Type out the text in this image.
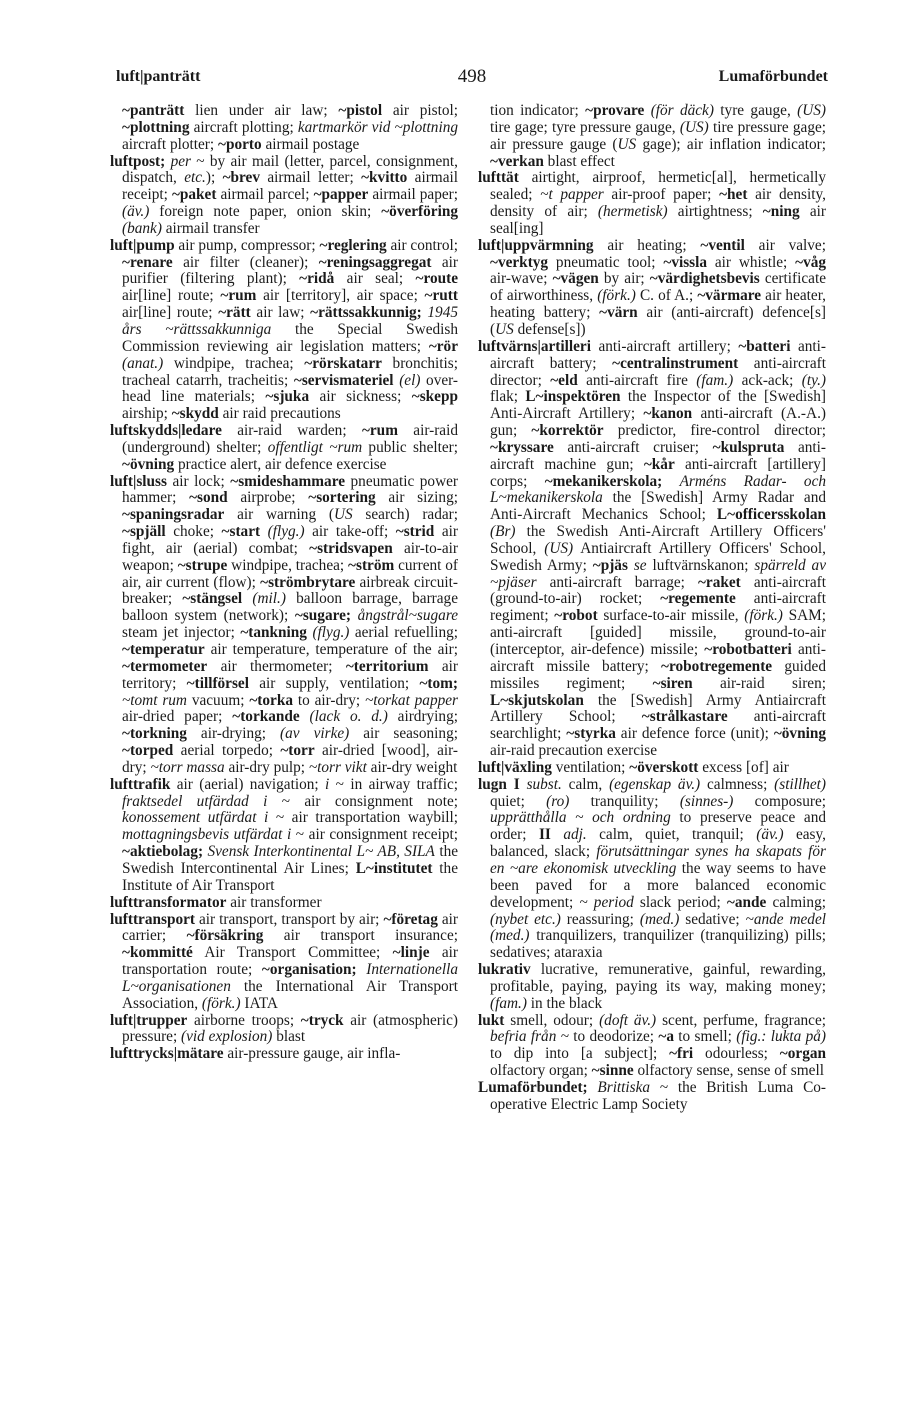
luft|panträtt	498	Lumaförbundet

~panträtt lien under air law; ~pistol air pistol; ~plottning aircraft plotting; kartmarkör vid ~plottning aircraft plotter; ~porto airmail postage

luftpost; per ~ by air mail (letter, parcel, consignment, dispatch, etc.); ~brev airmail letter; ~kvitto airmail receipt; ~paket airmail parcel; ~papper airmail paper; (äv.) foreign note paper, onion skin; ~överföring (bank) airmail transfer

luft|pump air pump, compressor; ~reglering air control; ~renare air filter (cleaner); ~reningsaggregat air purifier (filtering plant); ~ridå air seal; ~route air[line] route; ~rum air [territory], air space; ~rutt air[line] route; ~rätt air law; ~rättssakkunnig; 1945 års ~rättssakkunniga the Special Swedish Commission reviewing air legislation matters; ~rör (anat.) windpipe, trachea; ~rörskatarr bronchitis; tracheal catarrh, tracheitis; ~servismateriel (el) over-head line materials; ~sjuka air sickness; ~skepp airship; ~skydd air raid precautions

luftskydds|ledare air-raid warden; ~rum air-raid (underground) shelter; offentligt ~rum public shelter; ~övning practice alert, air defence exercise

luft|sluss air lock; ~smideshammare pneumatic power hammer; ~sond airprobe; ~sortering air sizing; ~spaningsradar air warning (US search) radar; ~spjäll choke; ~start (flyg.) air take-off; ~strid air fight, air (aerial) combat; ~stridsvapen air-to-air weapon; ~strupe windpipe, trachea; ~ström current of air, air current (flow); ~strömbrytare airbreak circuit-breaker; ~stängsel (mil.) balloon barrage, barrage balloon system (network); ~sugare; ångstrål~sugare steam jet injector; ~tankning (flyg.) aerial refuelling; ~temperatur air temperature, temperature of the air; ~termometer air thermometer; ~territorium air territory; ~tillförsel air supply, ventilation; ~tom; ~tomt rum vacuum; ~torka to air-dry; ~torkat papper air-dried paper; ~torkande (lack o. d.) airdrying; ~torkning air-drying; (av virke) air seasoning; ~torped aerial torpedo; ~torr air-dried [wood], air-dry; ~torr massa air-dry pulp; ~torr vikt air-dry weight

lufttrafik air (aerial) navigation; i ~ in airway traffic; fraktsedel utfärdad i ~ air consignment note; konossement utfärdat i ~ air transportation waybill; mottagningsbevis utfärdat i ~ air consignment receipt; ~aktiebolag; Svensk Interkontinental L~ AB, SILA the Swedish Intercontinental Air Lines; L~institutet the Institute of Air Transport

lufttransformator air transformer

lufttransport air transport, transport by air; ~företag air carrier; ~försäkring air transport insurance; ~kommitté Air Transport Committee; ~linje air transportation route; ~organisation; Internationella L~organisationen the International Air Transport Association, (förk.) IATA

luft|trupper airborne troops; ~tryck air (atmospheric) pressure; (vid explosion) blast

lufttrycks|mätare air-pressure gauge, air infla-

tion indicator; ~provare (för däck) tyre gauge, (US) tire gage; tyre pressure gauge, (US) tire pressure gage; air pressure gauge (US gage); air inflation indicator; ~verkan blast effect

lufttät airtight, airproof, hermetic[al], hermetically sealed; ~t papper air-proof paper; ~het air density, density of air; (hermetisk) airtightness; ~ning air seal[ing]

luft|uppvärmning air heating; ~ventil air valve; ~verktyg pneumatic tool; ~vissla air whistle; ~våg air-wave; ~vägen by air; ~värdighetsbevis certificate of airworthiness, (förk.) C. of A.; ~värmare air heater, heating battery; ~värn air (anti-aircraft) defence[s] (US defense[s])

luftvärns|artilleri anti-aircraft artillery; ~batteri anti-aircraft battery; ~centralinstrument anti-aircraft director; ~eld anti-aircraft fire (fam.) ack-ack; (ty.) flak; L~inspektören the Inspector of the [Swedish] Anti-Aircraft Artillery; ~kanon anti-aircraft (A.-A.) gun; ~korrektör predictor, fire-control director; ~kryssare anti-aircraft cruiser; ~kulspruta anti-aircraft machine gun; ~kår anti-aircraft [artillery] corps; ~mekanikerskola; Arméns Radar- och L~mekanikerskola the [Swedish] Army Radar and Anti-Aircraft Mechanics School; L~officersskolan (Br) the Swedish Anti-Aircraft Artillery Officers' School, (US) Antiaircraft Artillery Officers' School, Swedish Army; ~pjäs se luftvärnskanon; spärreld av ~pjäser anti-aircraft barrage; ~raket anti-aircraft (ground-to-air) rocket; ~regemente anti-aircraft regiment; ~robot surface-to-air missile, (förk.) SAM; anti-aircraft [guided] missile, ground-to-air (interceptor, air-defence) missile; ~robotbatteri anti-aircraft missile battery; ~robotregemente guided missiles regiment; ~siren air-raid siren; L~skjutskolan the [Swedish] Army Antiaircraft Artillery School; ~strålkastare anti-aircraft searchlight; ~styrka air defence force (unit); ~övning air-raid precaution exercise

luft|växling ventilation; ~överskott excess [of] air

lugn I subst. calm, (egenskap äv.) calmness; (stillhet) quiet; (ro) tranquility; (sinnes-) composure; upprätthålla ~ och ordning to preserve peace and order; II adj. calm, quiet, tranquil; (äv.) easy, balanced, slack; förutsättningar synes ha skapats för en ~are ekonomisk utveckling the way seems to have been paved for a more balanced economic development; ~ period slack period; ~ande calming; (nybet etc.) reassuring; (med.) sedative; ~ande medel (med.) tranquilizers, tranquilizer (tranquilizing) pills; sedatives; ataraxia

lukrativ lucrative, remunerative, gainful, rewarding, profitable, paying, paying its way, making money; (fam.) in the black

lukt smell, odour; (doft äv.) scent, perfume, fragrance; befria från ~ to deodorize; ~a to smell; (fig.: lukta på) to dip into [a subject]; ~fri odourless; ~organ olfactory organ; ~sinne olfactory sense, sense of smell

Lumaförbundet; Brittiska ~ the British Luma Co-operative Electric Lamp Society
